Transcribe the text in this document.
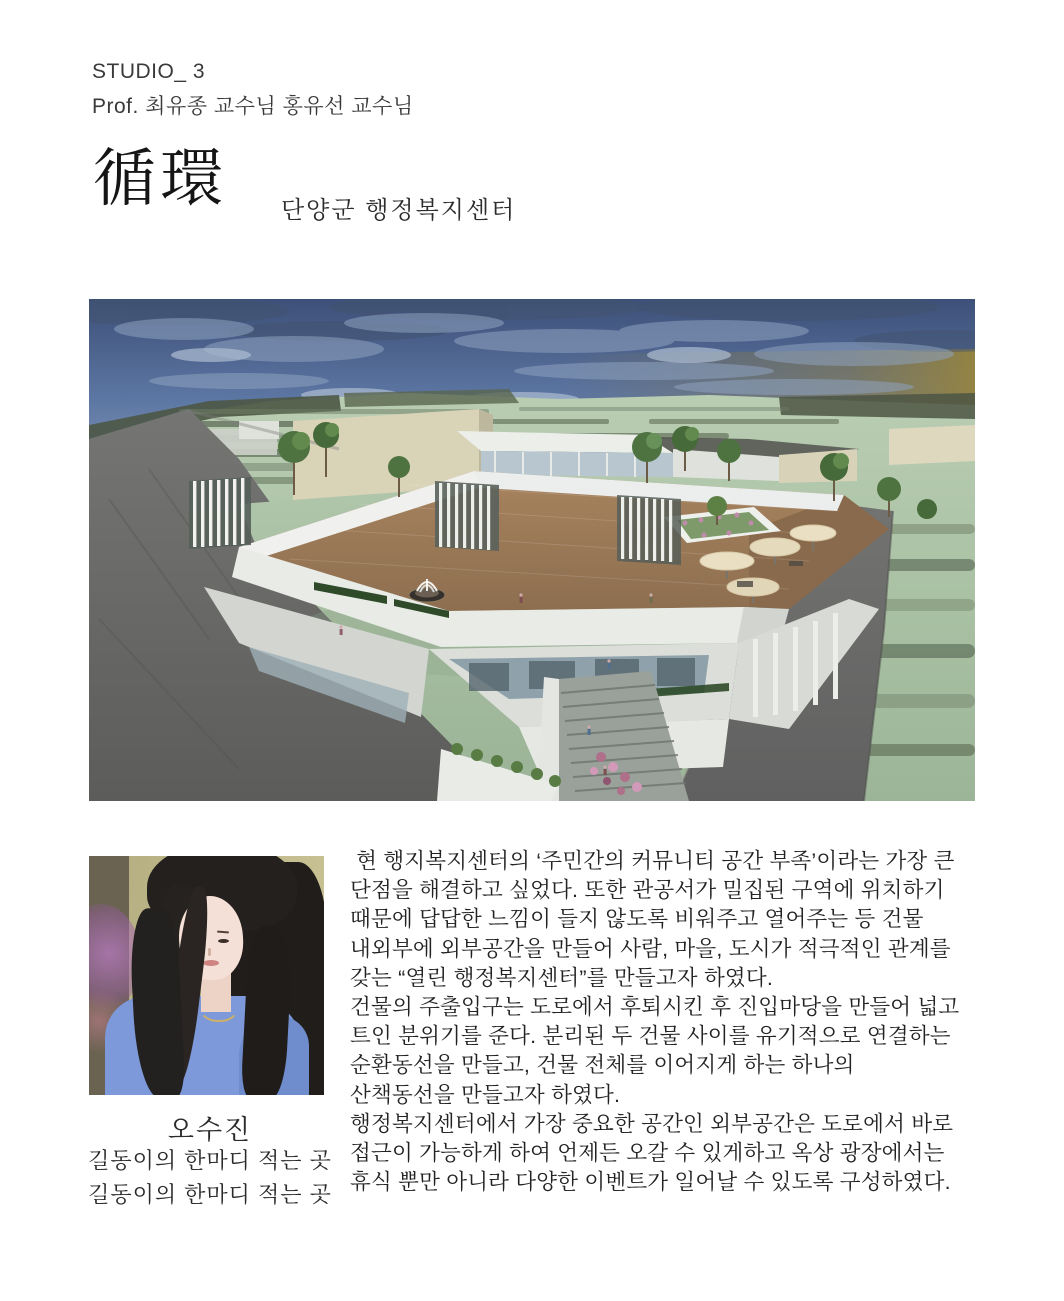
STUDIO_ 3
Prof. 최유종 교수님 홍유선 교수님
循環 단양군 행정복지센터
오수진
길동이의 한마디 적는 곳
길동이의 한마디 적는 곳
현 행지복지센터의 ‘주민간의 커뮤니티 공간 부족’이라는 가장 큰
단점을 해결하고 싶었다. 또한 관공서가 밀집된 구역에 위치하기
때문에 답답한 느낌이 들지 않도록 비워주고 열어주는 등 건물
내외부에 외부공간을 만들어 사람, 마을, 도시가 적극적인 관계를
갖는 “열린 행정복지센터”를 만들고자 하였다.
건물의 주출입구는 도로에서 후퇴시킨 후 진입마당을 만들어 넓고
트인 분위기를 준다. 분리된 두 건물 사이를 유기적으로 연결하는
순환동선을 만들고, 건물 전체를 이어지게 하는 하나의
산책동선을 만들고자 하였다.
행정복지센터에서 가장 중요한 공간인 외부공간은 도로에서 바로
접근이 가능하게 하여 언제든 오갈 수 있게하고 옥상 광장에서는
휴식 뿐만 아니라 다양한 이벤트가 일어날 수 있도록 구성하였다.
